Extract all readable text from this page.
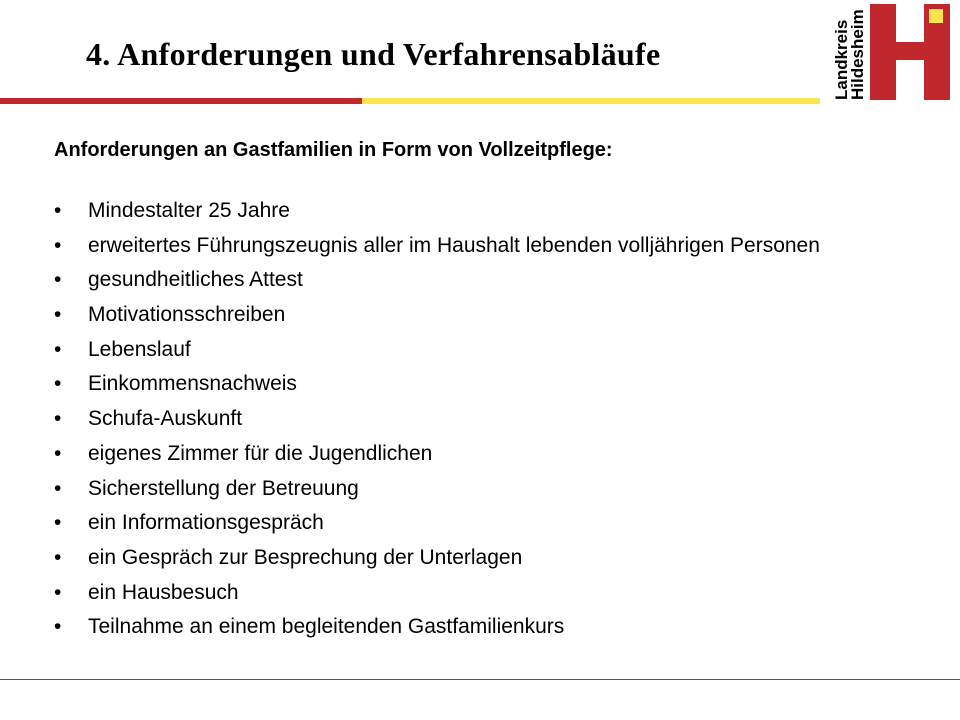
4. Anforderungen und Verfahrensabläufe	Landkreis
Hildesheim
Anforderungen an Gastfamilien in Form von Vollzeitpflege:
• Mindestalter 25 Jahre
• erweitertes Führungszeugnis aller im Haushalt lebenden volljährigen Personen
• gesundheitliches Attest
• Motivationsschreiben
• Lebenslauf
• Einkommensnachweis
• Schufa-Auskunft
• eigenes Zimmer für die Jugendlichen
• Sicherstellung der Betreuung
• ein Informationsgespräch
• ein Gespräch zur Besprechung der Unterlagen
• ein Hausbesuch
• Teilnahme an einem begleitenden Gastfamilienkurs
